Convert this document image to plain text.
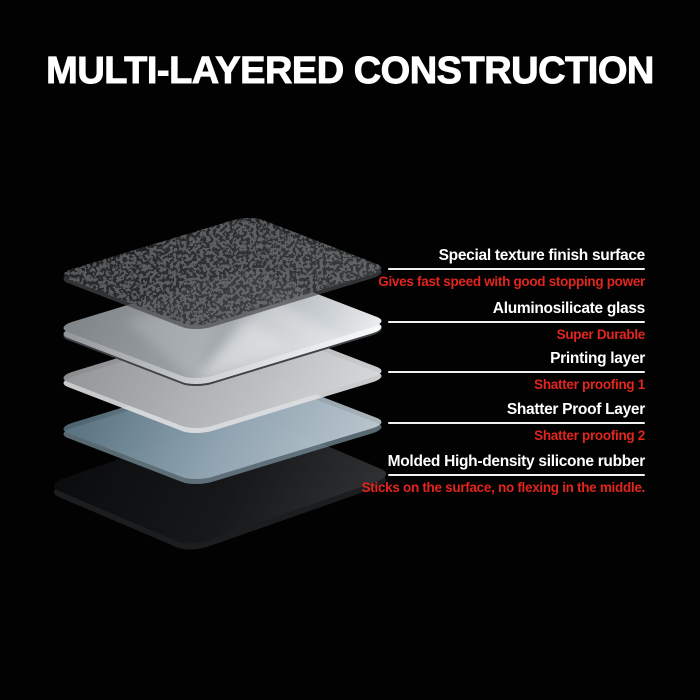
MULTI-LAYERED CONSTRUCTION
Special texture finish surface
Gives fast speed with good stopping power
Aluminosilicate glass
Super Durable
Printing layer
Shatter proofing 1
Shatter Proof Layer
Shatter proofing 2
Molded High-density silicone rubber
Sticks on the surface, no flexing in the middle.
